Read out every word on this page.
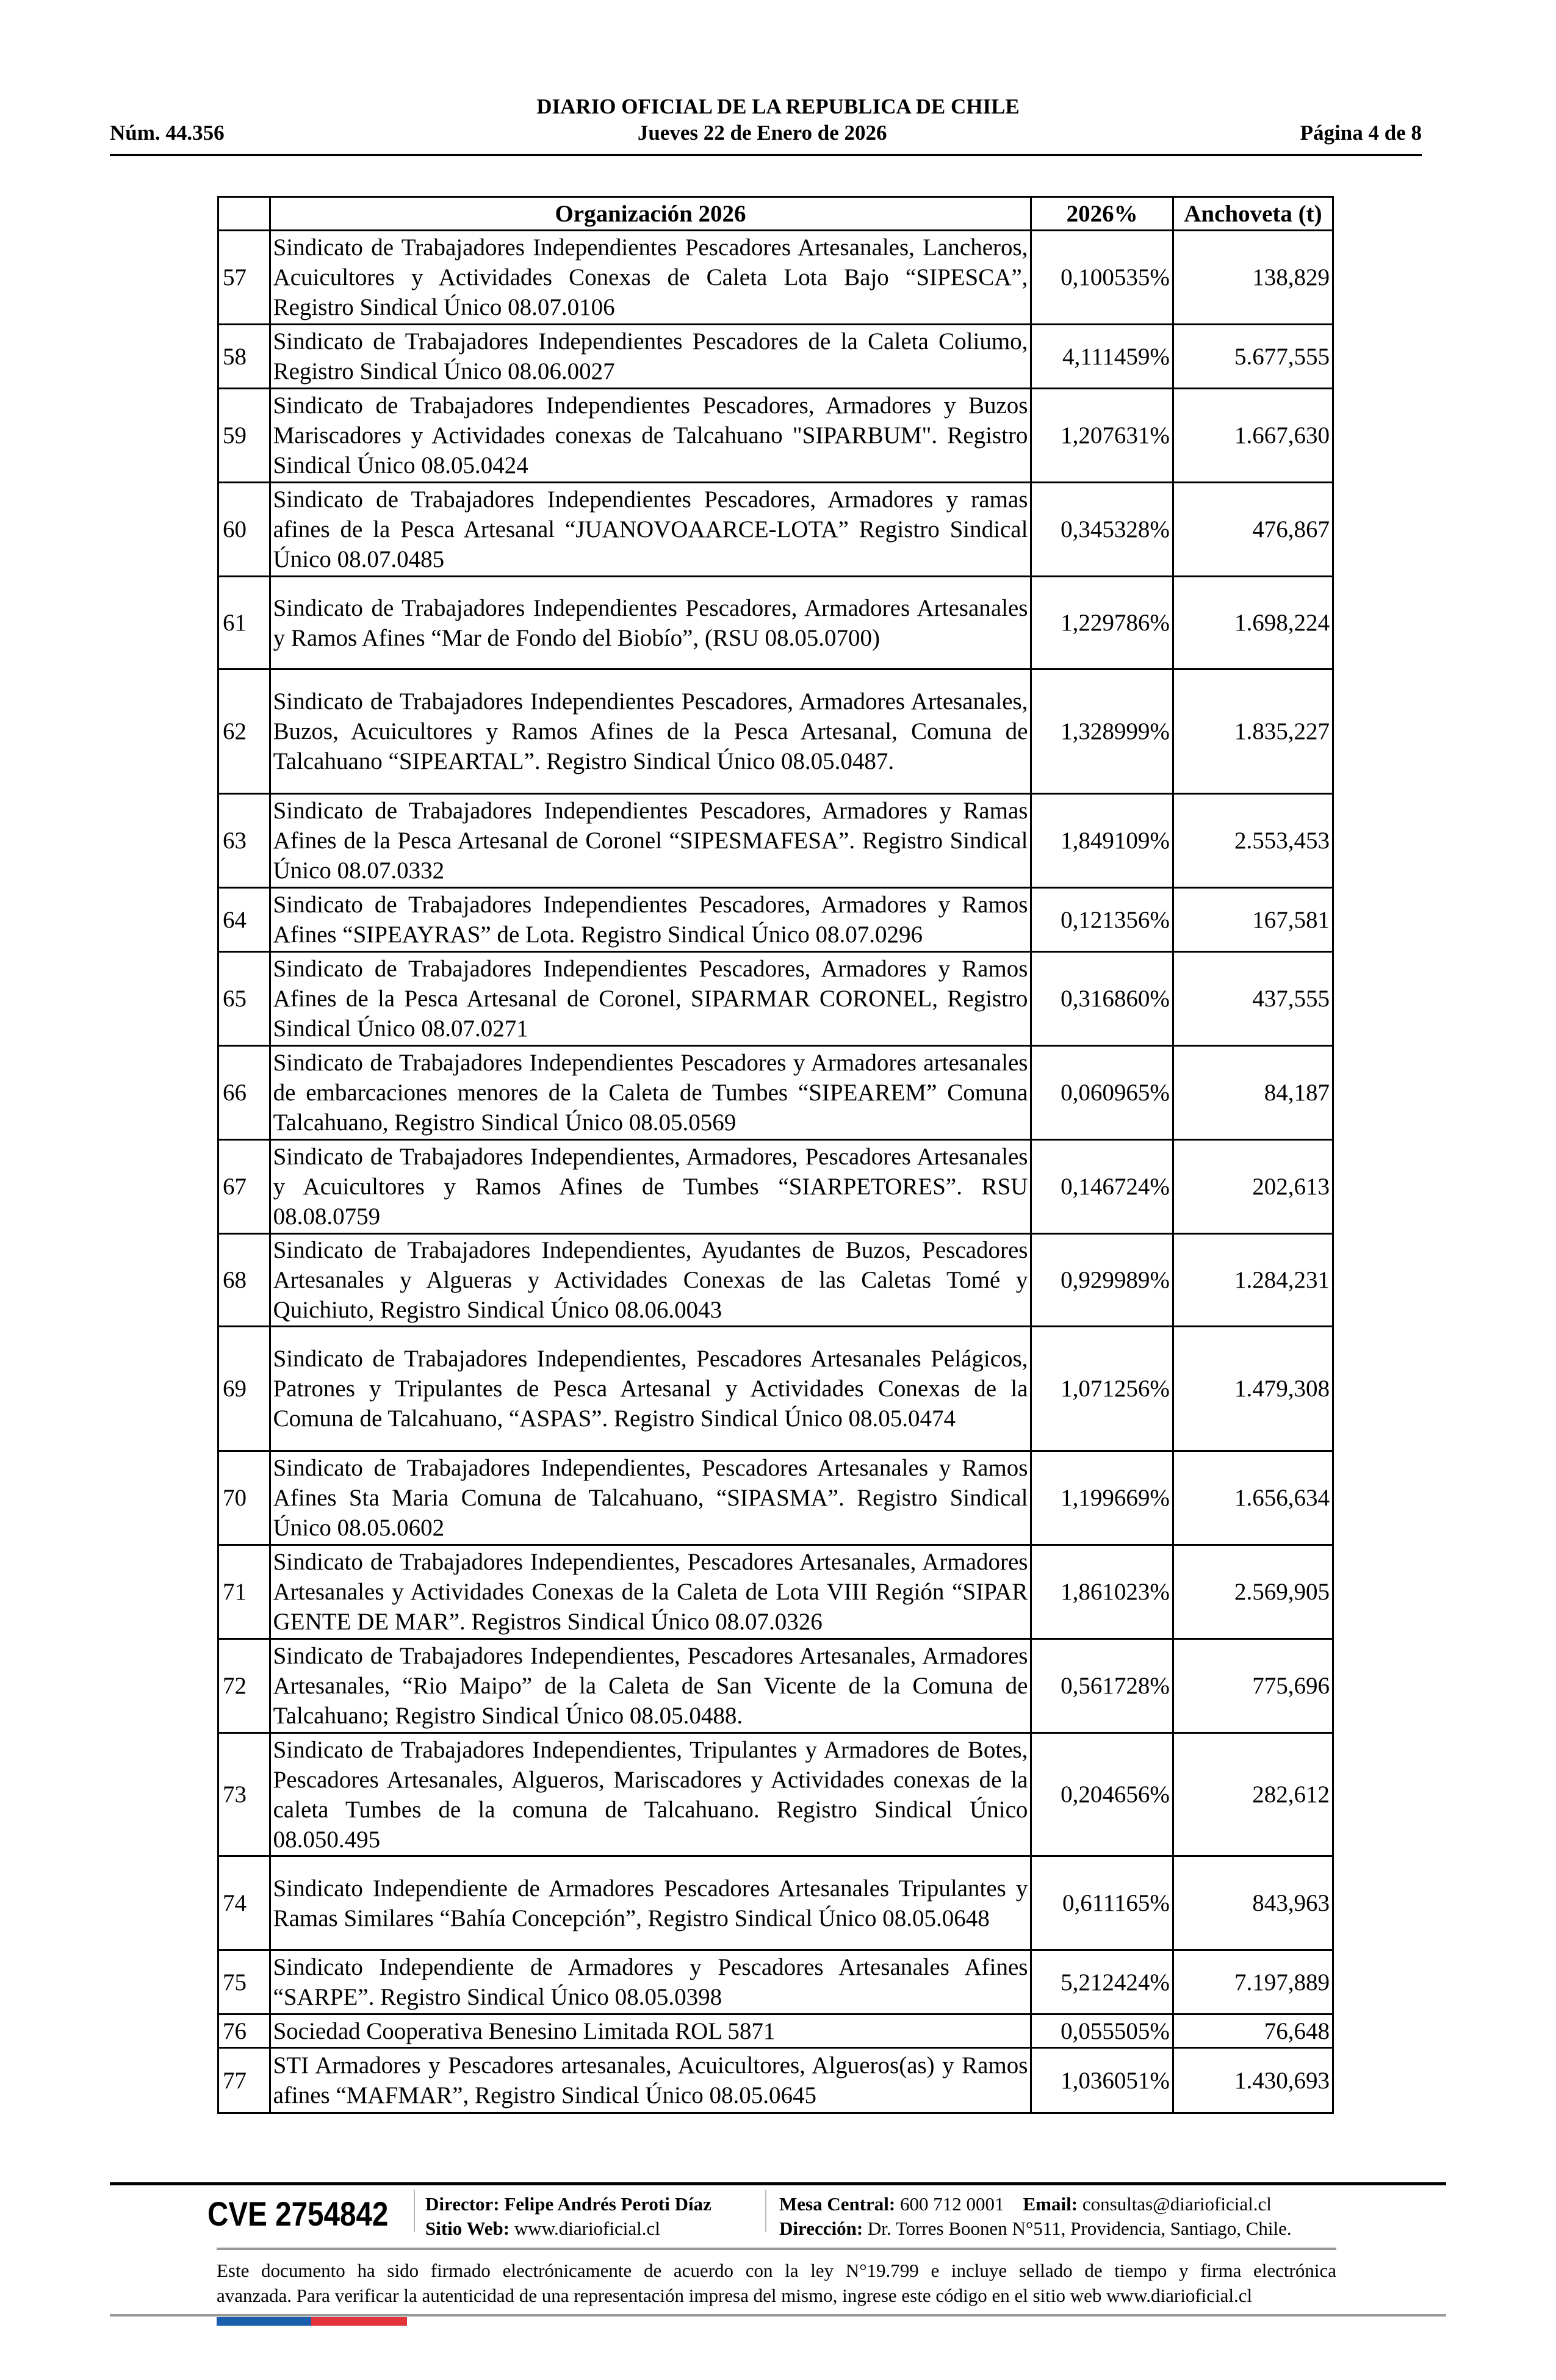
DIARIO OFICIAL DE LA REPUBLICA DE CHILE
Núm. 44.356	Jueves 22 de Enero de 2026	Página 4 de 8
	Organización 2026	2026%	Anchoveta (t)
57	Sindicato de Trabajadores Independientes Pescadores Artesanales, Lancheros, Acuicultores y Actividades Conexas de Caleta Lota Bajo “SIPESCA”, Registro Sindical Único 08.07.0106	0,100535%	138,829
58	Sindicato de Trabajadores Independientes Pescadores de la Caleta Coliumo, Registro Sindical Único 08.06.0027	4,111459%	5.677,555
59	Sindicato de Trabajadores Independientes Pescadores, Armadores y Buzos Mariscadores y Actividades conexas de Talcahuano "SIPARBUM". Registro Sindical Único 08.05.0424	1,207631%	1.667,630
60	Sindicato de Trabajadores Independientes Pescadores, Armadores y ramas afines de la Pesca Artesanal “JUANOVOAARCE-LOTA” Registro Sindical Único 08.07.0485	0,345328%	476,867
61	Sindicato de Trabajadores Independientes Pescadores, Armadores Artesanales y Ramos Afines “Mar de Fondo del Biobío”, (RSU 08.05.0700)	1,229786%	1.698,224
62	Sindicato de Trabajadores Independientes Pescadores, Armadores Artesanales, Buzos, Acuicultores y Ramos Afines de la Pesca Artesanal, Comuna de Talcahuano “SIPEARTAL”. Registro Sindical Único 08.05.0487.	1,328999%	1.835,227
63	Sindicato de Trabajadores Independientes Pescadores, Armadores y Ramas Afines de la Pesca Artesanal de Coronel “SIPESMAFESA”. Registro Sindical Único 08.07.0332	1,849109%	2.553,453
64	Sindicato de Trabajadores Independientes Pescadores, Armadores y Ramos Afines “SIPEAYRAS” de Lota. Registro Sindical Único 08.07.0296	0,121356%	167,581
65	Sindicato de Trabajadores Independientes Pescadores, Armadores y Ramos Afines de la Pesca Artesanal de Coronel, SIPARMAR CORONEL, Registro Sindical Único 08.07.0271	0,316860%	437,555
66	Sindicato de Trabajadores Independientes Pescadores y Armadores artesanales de embarcaciones menores de la Caleta de Tumbes “SIPEAREM” Comuna Talcahuano, Registro Sindical Único 08.05.0569	0,060965%	84,187
67	Sindicato de Trabajadores Independientes, Armadores, Pescadores Artesanales y Acuicultores y Ramos Afines de Tumbes “SIARPETORES”. RSU 08.08.0759	0,146724%	202,613
68	Sindicato de Trabajadores Independientes, Ayudantes de Buzos, Pescadores Artesanales y Algueras y Actividades Conexas de las Caletas Tomé y Quichiuto, Registro Sindical Único 08.06.0043	0,929989%	1.284,231
69	Sindicato de Trabajadores Independientes, Pescadores Artesanales Pelágicos, Patrones y Tripulantes de Pesca Artesanal y Actividades Conexas de la Comuna de Talcahuano, “ASPAS”. Registro Sindical Único 08.05.0474	1,071256%	1.479,308
70	Sindicato de Trabajadores Independientes, Pescadores Artesanales y Ramos Afines Sta Maria Comuna de Talcahuano, “SIPASMA”. Registro Sindical Único 08.05.0602	1,199669%	1.656,634
71	Sindicato de Trabajadores Independientes, Pescadores Artesanales, Armadores Artesanales y Actividades Conexas de la Caleta de Lota VIII Región “SIPAR GENTE DE MAR”. Registros Sindical Único 08.07.0326	1,861023%	2.569,905
72	Sindicato de Trabajadores Independientes, Pescadores Artesanales, Armadores Artesanales, “Rio Maipo” de la Caleta de San Vicente de la Comuna de Talcahuano; Registro Sindical Único 08.05.0488.	0,561728%	775,696
73	Sindicato de Trabajadores Independientes, Tripulantes y Armadores de Botes, Pescadores Artesanales, Algueros, Mariscadores y Actividades conexas de la caleta Tumbes de la comuna de Talcahuano. Registro Sindical Único 08.050.495	0,204656%	282,612
74	Sindicato Independiente de Armadores Pescadores Artesanales Tripulantes y Ramas Similares “Bahía Concepción”, Registro Sindical Único 08.05.0648	0,611165%	843,963
75	Sindicato Independiente de Armadores y Pescadores Artesanales Afines “SARPE”. Registro Sindical Único 08.05.0398	5,212424%	7.197,889
76	Sociedad Cooperativa Benesino Limitada ROL 5871	0,055505%	76,648
77	STI Armadores y Pescadores artesanales, Acuicultores, Algueros(as) y Ramos afines “MAFMAR”, Registro Sindical Único 08.05.0645	1,036051%	1.430,693
CVE 2754842 Director: Felipe Andrés Peroti Díaz
Sitio Web: www.diarioficial.cl
Mesa Central: 600 712 0001 Email: consultas@diarioficial.cl
Dirección: Dr. Torres Boonen N°511, Providencia, Santiago, Chile.
Este documento ha sido firmado electrónicamente de acuerdo con la ley N°19.799 e incluye sellado de tiempo y firma electrónica
avanzada. Para verificar la autenticidad de una representación impresa del mismo, ingrese este código en el sitio web www.diarioficial.cl
